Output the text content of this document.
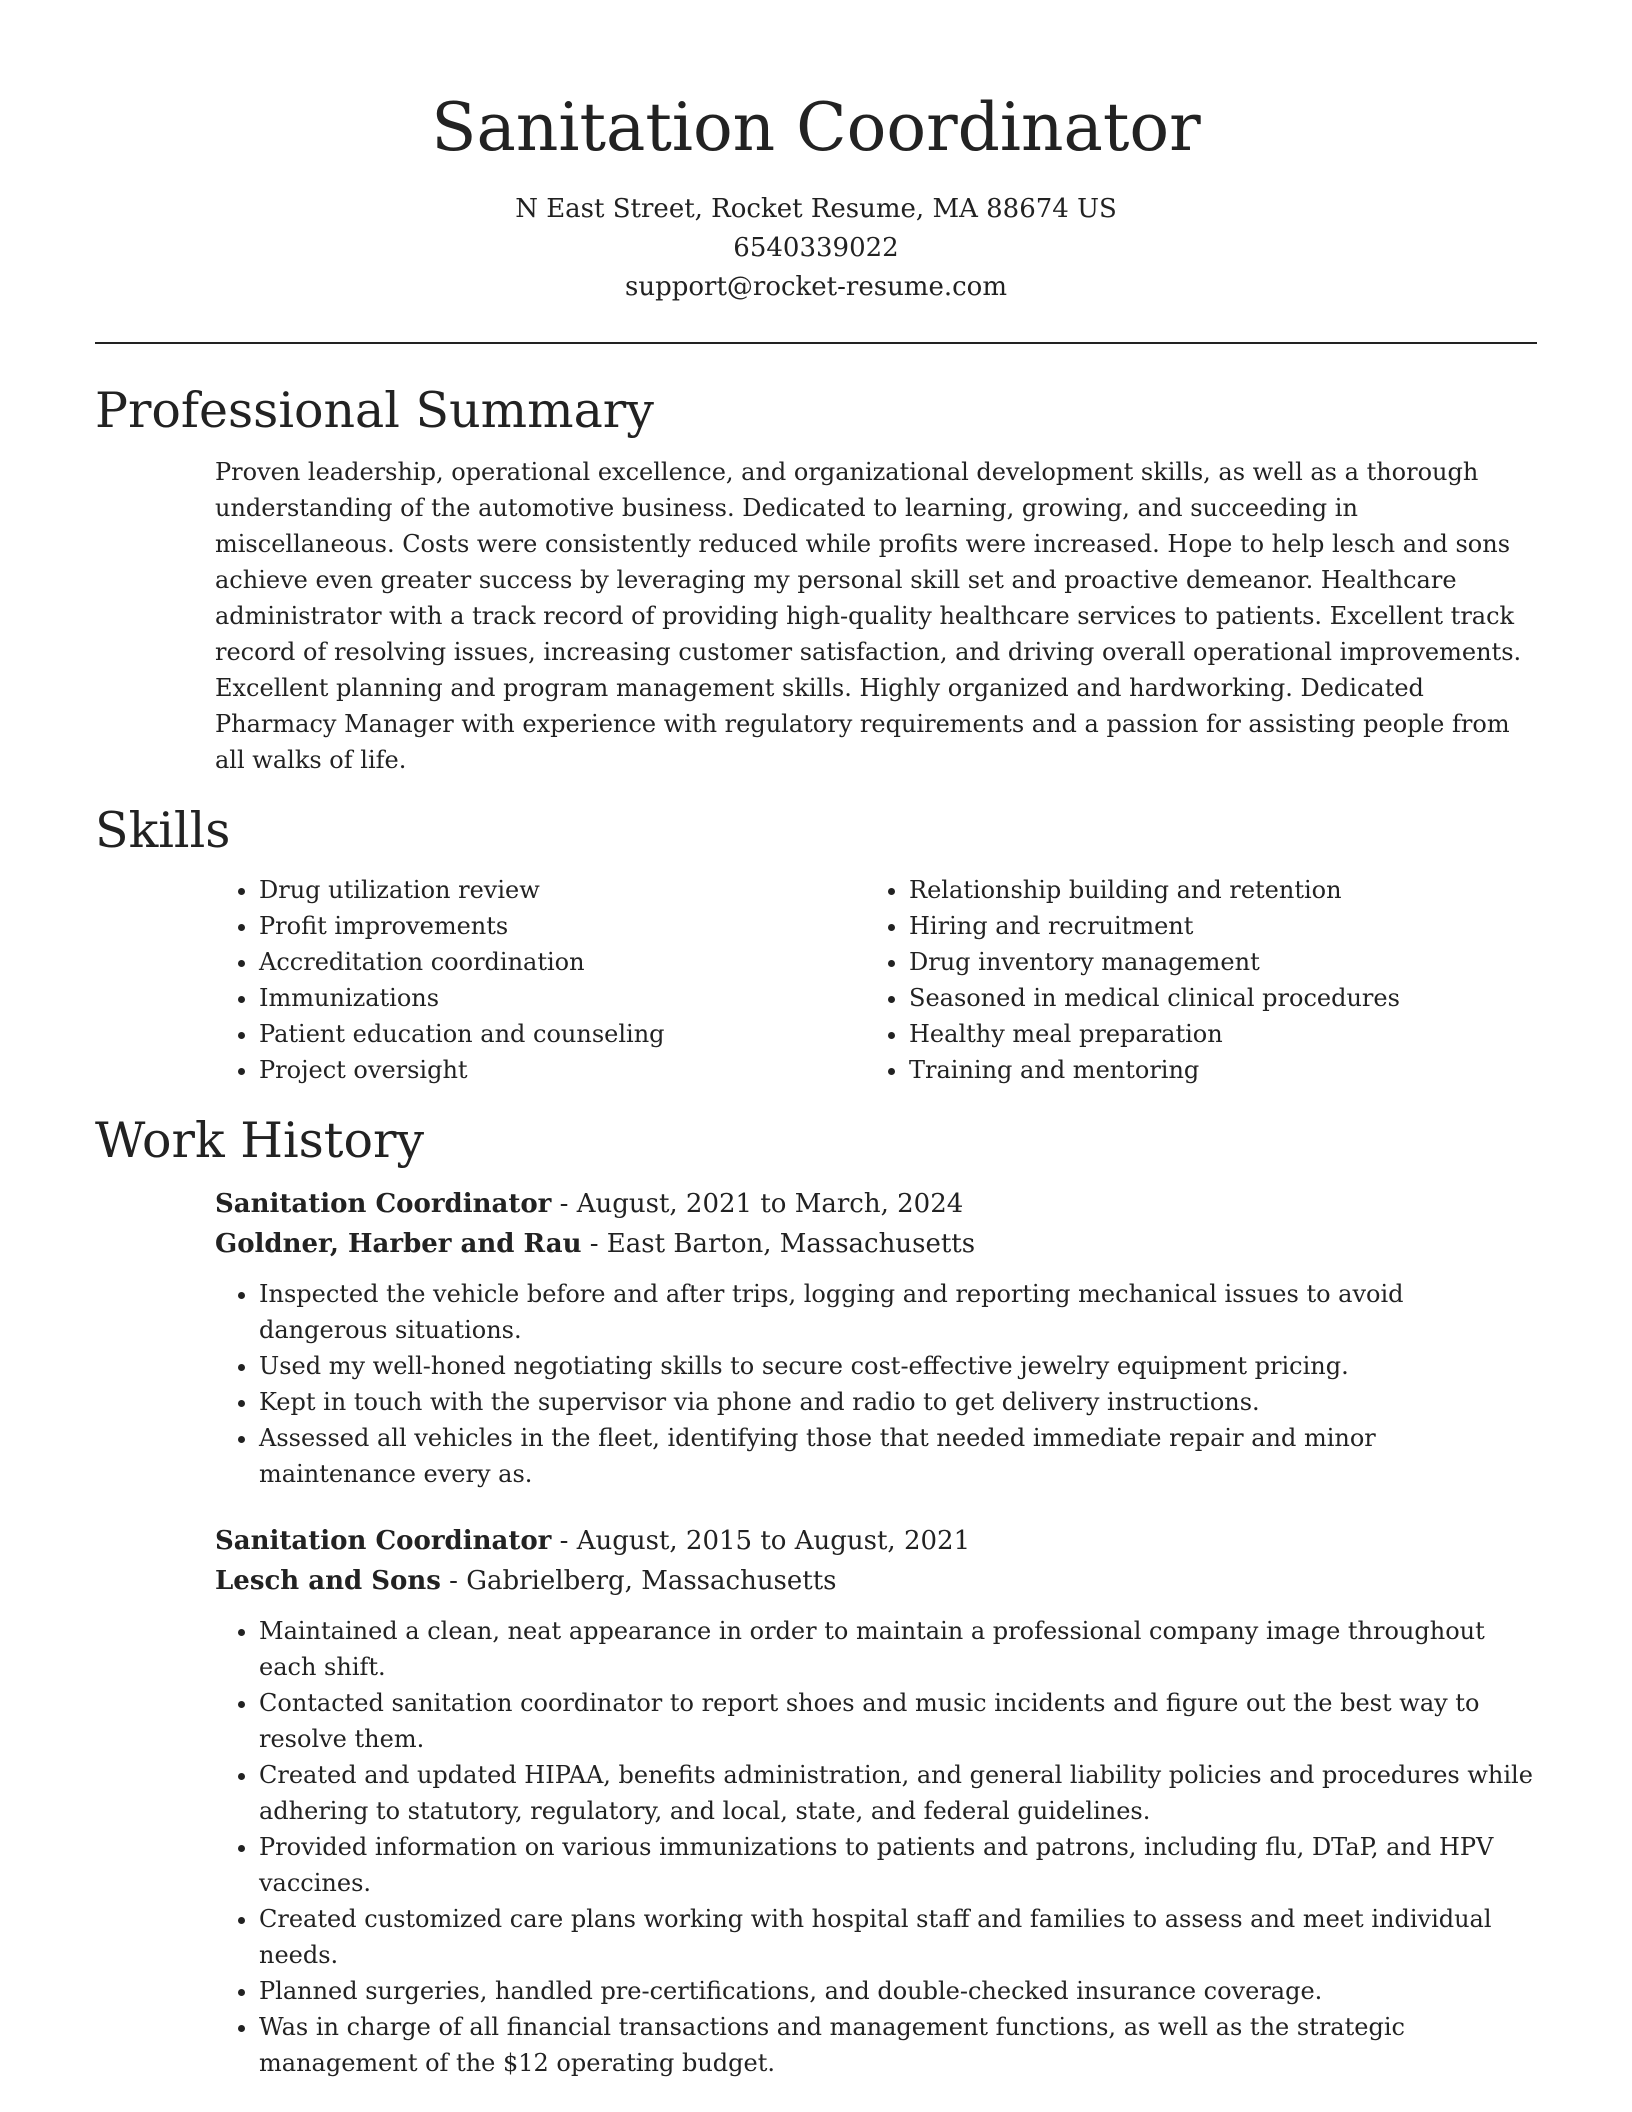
Sanitation Coordinator
N East Street, Rocket Resume, MA 88674 US
6540339022
support@rocket-resume.com
Professional Summary

Proven leadership, operational excellence, and organizational development skills, as well as a thorough understanding of the automotive business. Dedicated to learning, growing, and succeeding in miscellaneous. Costs were consistently reduced while profits were increased. Hope to help lesch and sons achieve even greater success by leveraging my personal skill set and proactive demeanor. Healthcare administrator with a track record of providing high-quality healthcare services to patients. Excellent track record of resolving issues, increasing customer satisfaction, and driving overall operational improvements. Excellent planning and program management skills. Highly organized and hardworking. Dedicated Pharmacy Manager with experience with regulatory requirements and a passion for assisting people from all walks of life.

Skills
• Drug utilization review
• Profit improvements
• Accreditation coordination
• Immunizations
• Patient education and counseling
• Project oversight
• Relationship building and retention
• Hiring and recruitment
• Drug inventory management
• Seasoned in medical clinical procedures
• Healthy meal preparation
• Training and mentoring
Work History
Sanitation Coordinator - August, 2021 to March, 2024
Goldner, Harber and Rau - East Barton, Massachusetts
• Inspected the vehicle before and after trips, logging and reporting mechanical issues to avoid dangerous situations.
• Used my well-honed negotiating skills to secure cost-effective jewelry equipment pricing.
• Kept in touch with the supervisor via phone and radio to get delivery instructions.
• Assessed all vehicles in the fleet, identifying those that needed immediate repair and minor maintenance every as.
Sanitation Coordinator - August, 2015 to August, 2021
Lesch and Sons - Gabrielberg, Massachusetts
• Maintained a clean, neat appearance in order to maintain a professional company image throughout each shift.
• Contacted sanitation coordinator to report shoes and music incidents and figure out the best way to resolve them.
• Created and updated HIPAA, benefits administration, and general liability policies and procedures while adhering to statutory, regulatory, and local, state, and federal guidelines.
• Provided information on various immunizations to patients and patrons, including flu, DTaP, and HPV vaccines.
• Created customized care plans working with hospital staff and families to assess and meet individual needs.
• Planned surgeries, handled pre-certifications, and double-checked insurance coverage.
• Was in charge of all financial transactions and management functions, as well as the strategic management of the $12 operating budget.
